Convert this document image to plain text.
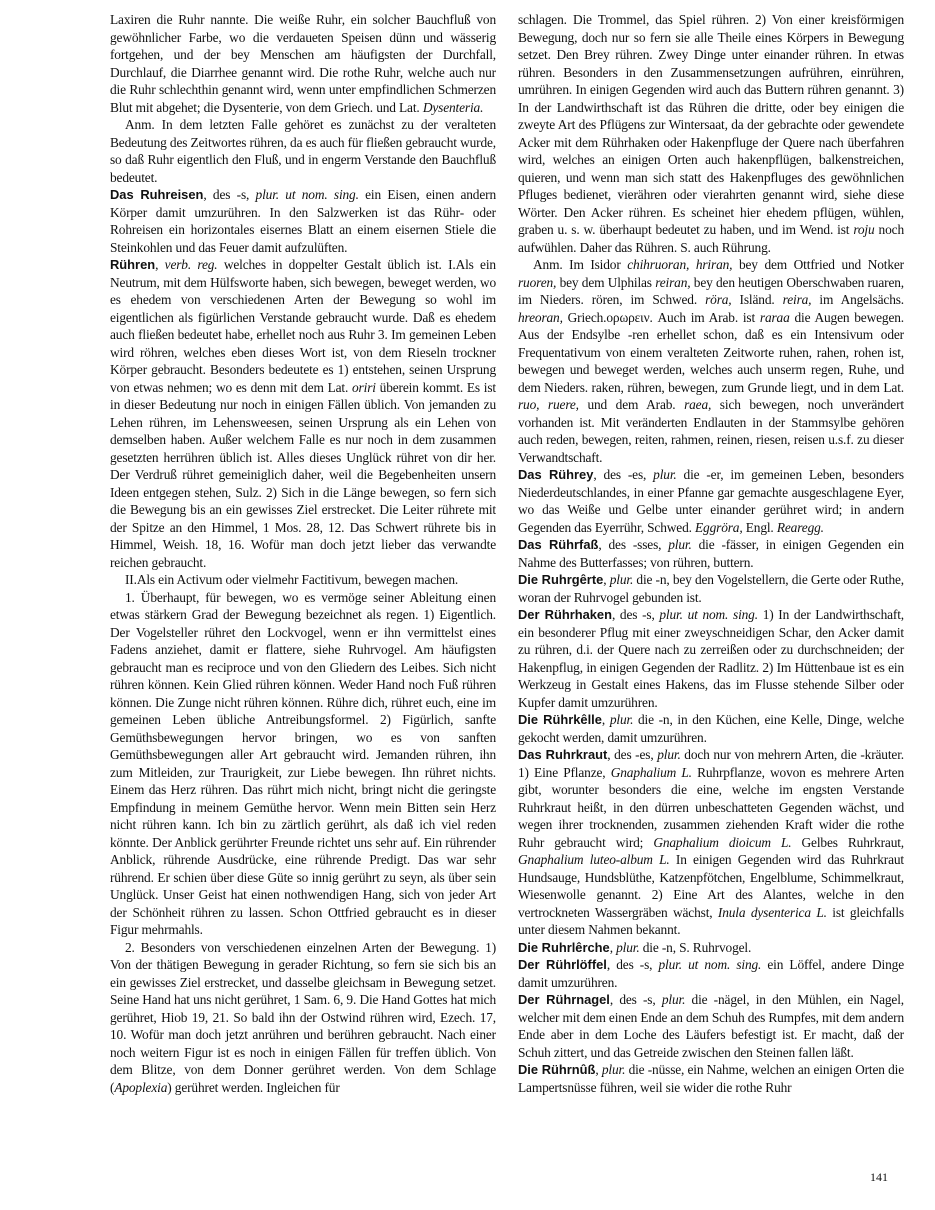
Laxiren die Ruhr nannte. Die weiße Ruhr, ein solcher Bauchfluß von gewöhnlicher Farbe, wo die verdaueten Speisen dünn und wässerig fortgehen, und der bey Menschen am häufigsten der Durchfall, Durchlauf, die Diarrhee genannt wird. Die rothe Ruhr, welche auch nur die Ruhr schlechthin genannt wird, wenn unter empfindlichen Schmerzen Blut mit abgehet; die Dysenterie, von dem Griech. und Lat. Dysenteria.

Anm. In dem letzten Falle gehöret es zunächst zu der veralteten Bedeutung des Zeitwortes rühren, da es auch für fließen gebraucht wurde, so daß Ruhr eigentlich den Fluß, und in engerm Verstande den Bauchfluß bedeutet.

Das Ruhreisen, des -s, plur. ut nom. sing. ein Eisen, einen andern Körper damit umzurühren. In den Salzwerken ist das Rühr- oder Rohreisen ein horizontales eisernes Blatt an einem eisernen Stiele die Steinkohlen und das Feuer damit aufzulüften.

Rühren, verb. reg. welches in doppelter Gestalt üblich ist. I.Als ein Neutrum, mit dem Hülfsworte haben, sich bewegen, beweget werden, wo es ehedem von verschiedenen Arten der Bewegung so wohl im eigentlichen als figürlichen Verstande gebraucht wurde. Daß es ehedem auch fließen bedeutet habe, erhellet noch aus Ruhr 3. Im gemeinen Leben wird röhren, welches eben dieses Wort ist, von dem Rieseln trockner Körper gebraucht. Besonders bedeutete es 1) entstehen, seinen Ursprung von etwas nehmen; wo es denn mit dem Lat. oriri überein kommt. Es ist in dieser Bedeutung nur noch in einigen Fällen üblich. Von jemanden zu Lehen rühren, im Lehensweesen, seinen Ursprung als ein Lehen von demselben haben. Außer welchem Falle es nur noch in dem zusammen gesetzten herrühren üblich ist. Alles dieses Unglück rühret von dir her. Der Verdruß rühret gemeiniglich daher, weil die Begebenheiten unsern Ideen entgegen stehen, Sulz. 2) Sich in die Länge bewegen, so fern sich die Bewegung bis an ein gewisses Ziel erstrecket. Die Leiter rührete mit der Spitze an den Himmel, 1 Mos. 28, 12. Das Schwert rührete bis in Himmel, Weish. 18, 16. Wofür man doch jetzt lieber das verwandte reichen gebraucht.

II.Als ein Activum oder vielmehr Factitivum, bewegen machen.

1. Überhaupt, für bewegen, wo es vermöge seiner Ableitung einen etwas stärkern Grad der Bewegung bezeichnet als regen. 1) Eigentlich. Der Vogelsteller rühret den Lockvogel, wenn er ihn vermittelst eines Fadens anziehet, damit er flattere, siehe Ruhrvogel. Am häufigsten gebraucht man es reciproce und von den Gliedern des Leibes. Sich nicht rühren können. Kein Glied rühren können. Weder Hand noch Fuß rühren können. Die Zunge nicht rühren können. Rühre dich, rühret euch, eine im gemeinen Leben übliche Antreibungsformel. 2) Figürlich, sanfte Gemüthsbewegungen hervor bringen, wo es von sanften Gemüthsbewegungen aller Art gebraucht wird. Jemanden rühren, ihn zum Mitleiden, zur Traurigkeit, zur Liebe bewegen. Ihn rühret nichts. Einem das Herz rühren. Das rührt mich nicht, bringt nicht die geringste Empfindung in meinem Gemüthe hervor. Wenn mein Bitten sein Herz nicht rühren kann. Ich bin zu zärtlich gerührt, als daß ich viel reden könnte. Der Anblick gerührter Freunde richtet uns sehr auf. Ein rührender Anblick, rührende Ausdrücke, eine rührende Predigt. Das war sehr rührend. Er schien über diese Güte so innig gerührt zu seyn, als über sein Unglück. Unser Geist hat einen nothwendigen Hang, sich von jeder Art der Schönheit rühren zu lassen. Schon Ottfried gebraucht es in dieser Figur mehrmahls.

2. Besonders von verschiedenen einzelnen Arten der Bewegung. 1) Von der thätigen Bewegung in gerader Richtung, so fern sie sich bis an ein gewisses Ziel erstrecket, und dasselbe gleichsam in Bewegung setzet. Seine Hand hat uns nicht gerühret, 1 Sam. 6, 9. Die Hand Gottes hat mich gerühret, Hiob 19, 21. So bald ihn der Ostwind rühren wird, Ezech. 17, 10. Wofür man doch jetzt anrühren und berühren gebraucht. Nach einer noch weitern Figur ist es noch in einigen Fällen für treffen üblich. Von dem Blitze, von dem Donner gerühret werden. Von dem Schlage (Apoplexia) gerühret werden. Ingleichen für

schlagen. Die Trommel, das Spiel rühren. 2) Von einer kreisförmigen Bewegung, doch nur so fern sie alle Theile eines Körpers in Bewegung setzet. Den Brey rühren. Zwey Dinge unter einander rühren. In etwas rühren. Besonders in den Zusammensetzungen aufrühren, einrühren, umrühren. In einigen Gegenden wird auch das Buttern rühren genannt. 3) In der Landwirthschaft ist das Rühren die dritte, oder bey einigen die zweyte Art des Pflügens zur Wintersaat, da der gebrachte oder gewendete Acker mit dem Rührhaken oder Hakenpfluge der Quere nach überfahren wird, welches an einigen Orten auch hakenpflügen, balkenstreichen, quieren, und wenn man sich statt des Hakenpfluges des gewöhnlichen Pfluges bedienet, vierähren oder vierahrten genannt wird, siehe diese Wörter. Den Acker rühren. Es scheinet hier ehedem pflügen, wühlen, graben u. s. w. überhaupt bedeutet zu haben, und im Wend. ist roju noch aufwühlen. Daher das Rühren. S. auch Rührung.

Anm. Im Isidor chihruoran, hriran, bey dem Ottfried und Notker ruoren, bey dem Ulphilas reiran, bey den heutigen Oberschwaben ruaren, im Nieders. rören, im Schwed. röra, Isländ. reira, im Angelsächs. hreoran, Griech.ορωρειν. Auch im Arab. ist raraa die Augen bewegen. Aus der Endsylbe -ren erhellet schon, daß es ein Intensivum oder Frequentativum von einem veralteten Zeitworte ruhen, rahen, rohen ist, bewegen und beweget werden, welches auch unserm regen, Ruhe, und dem Nieders. raken, rühren, bewegen, zum Grunde liegt, und in dem Lat. ruo, ruere, und dem Arab. raea, sich bewegen, noch unverändert vorhanden ist. Mit veränderten Endlauten in der Stammsylbe gehören auch reden, bewegen, reiten, rahmen, reinen, riesen, reisen u.s.f. zu dieser Verwandtschaft.

Das Rührey, des -es, plur. die -er, im gemeinen Leben, besonders Niederdeutschlandes, in einer Pfanne gar gemachte ausgeschlagene Eyer, wo das Weiße und Gelbe unter einander gerühret wird; in andern Gegenden das Eyerrühr, Schwed. Eggröra, Engl. Rearegg.

Das Rührfaß, des -sses, plur. die -fässer, in einigen Gegenden ein Nahme des Butterfasses; von rühren, buttern.

Die Ruhrgêrte, plur. die -n, bey den Vogelstellern, die Gerte oder Ruthe, woran der Ruhrvogel gebunden ist.

Der Rührhaken, des -s, plur. ut nom. sing. 1) In der Landwirthschaft, ein besonderer Pflug mit einer zweyschneidigen Schar, den Acker damit zu rühren, d.i. der Quere nach zu zerreißen oder zu durchschneiden; der Hakenpflug, in einigen Gegenden der Radlitz. 2) Im Hüttenbaue ist es ein Werkzeug in Gestalt eines Hakens, das im Flusse stehende Silber oder Kupfer damit umzurühren.

Die Rührkêlle, plur. die -n, in den Küchen, eine Kelle, Dinge, welche gekocht werden, damit umzurühren.

Das Ruhrkraut, des -es, plur. doch nur von mehrern Arten, die -kräuter. 1) Eine Pflanze, Gnaphalium L. Ruhrpflanze, wovon es mehrere Arten gibt, worunter besonders die eine, welche im engsten Verstande Ruhrkraut heißt, in den dürren unbeschatteten Gegenden wächst, und wegen ihrer trocknenden, zusammen ziehenden Kraft wider die rothe Ruhr gebraucht wird; Gnaphalium dioicum L. Gelbes Ruhrkraut, Gnaphalium luteo-album L. In einigen Gegenden wird das Ruhrkraut Hundsauge, Hundsblüthe, Katzenpfötchen, Engelblume, Schimmelkraut, Wiesenwolle genannt. 2) Eine Art des Alantes, welche in den vertrockneten Wassergräben wächst, Inula dysenterica L. ist gleichfalls unter diesem Nahmen bekannt.

Die Ruhrlêrche, plur. die -n, S. Ruhrvogel.

Der Rührlöffel, des -s, plur. ut nom. sing. ein Löffel, andere Dinge damit umzurühren.

Der Rührnagel, des -s, plur. die -nägel, in den Mühlen, ein Nagel, welcher mit dem einen Ende an dem Schuh des Rumpfes, mit dem andern Ende aber in dem Loche des Läufers befestigt ist. Er macht, daß der Schuh zittert, und das Getreide zwischen den Steinen fallen läßt.

Die Rührnûß, plur. die -nüsse, ein Nahme, welchen an einigen Orten die Lampertsnüsse führen, weil sie wider die rothe Ruhr

141
